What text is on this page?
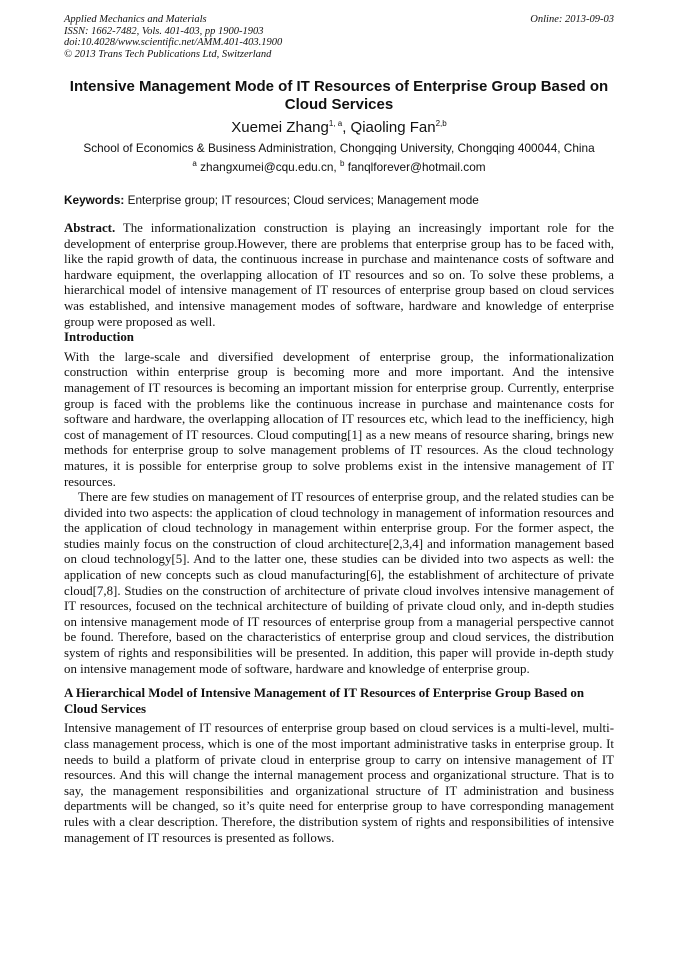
Applied Mechanics and Materials
ISSN: 1662-7482, Vols. 401-403, pp 1900-1903
doi:10.4028/www.scientific.net/AMM.401-403.1900
© 2013 Trans Tech Publications Ltd, Switzerland
Online: 2013-09-03
Intensive Management Mode of IT Resources of Enterprise Group Based on Cloud Services
Xuemei Zhang$^{1, a}$, Qiaoling Fan$^{2,b}$
School of Economics & Business Administration, Chongqing University, Chongqing 400044, China
$^a$ zhangxumei@cqu.edu.cn, $^b$ fanqlforever@hotmail.com
Keywords: Enterprise group; IT resources; Cloud services; Management mode

Abstract. The informationalization construction is playing an increasingly important role for the development of enterprise group.However, there are problems that enterprise group has to be faced with, like the rapid growth of data, the continuous increase in purchase and maintenance costs of software and hardware equipment, the overlapping allocation of IT resources and so on. To solve these problems, a hierarchical model of intensive management of IT resources of enterprise group based on cloud services was established, and intensive management modes of software, hardware and knowledge of enterprise group were proposed as well.

Introduction

With the large-scale and diversified development of enterprise group, the informationalization construction within enterprise group is becoming more and more important. And the intensive management of IT resources is becoming an important mission for enterprise group. Currently, enterprise group is faced with the problems like the continuous increase in purchase and maintenance costs for software and hardware, the overlapping allocation of IT resources etc, which lead to the inefficiency, high cost of management of IT resources. Cloud computing[1] as a new means of resource sharing, brings new methods for enterprise group to solve management problems of IT resources. As the cloud technology matures, it is possible for enterprise group to solve problems exist in the intensive management of IT resources.

There are few studies on management of IT resources of enterprise group, and the related studies can be divided into two aspects: the application of cloud technology in management of information resources and the application of cloud technology in management within enterprise group. For the former aspect, the studies mainly focus on the construction of cloud architecture[2,3,4] and information management based on cloud technology[5]. And to the latter one, these studies can be divided into two aspects as well: the application of new concepts such as cloud manufacturing[6], the establishment of architecture of private cloud[7,8]. Studies on the construction of architecture of private cloud involves intensive management of IT resources, focused on the technical architecture of building of private cloud only, and in-depth studies on intensive management mode of IT resources of enterprise group from a managerial perspective cannot be found. Therefore, based on the characteristics of enterprise group and cloud services, the distribution system of rights and responsibilities will be presented. In addition, this paper will provide in-depth study on intensive management mode of software, hardware and knowledge of enterprise group.

A Hierarchical Model of Intensive Management of IT Resources of Enterprise Group Based on Cloud Services

Intensive management of IT resources of enterprise group based on cloud services is a multi-level, multi-class management process, which is one of the most important administrative tasks in enterprise group. It needs to build a platform of private cloud in enterprise group to carry on intensive management of IT resources. And this will change the internal management process and organizational structure. That is to say, the management responsibilities and organizational structure of IT administration and business departments will be changed, so it’s quite need for enterprise group to have corresponding management rules with a clear description. Therefore, the distribution system of rights and responsibilities of intensive management of IT resources is presented as follows.
